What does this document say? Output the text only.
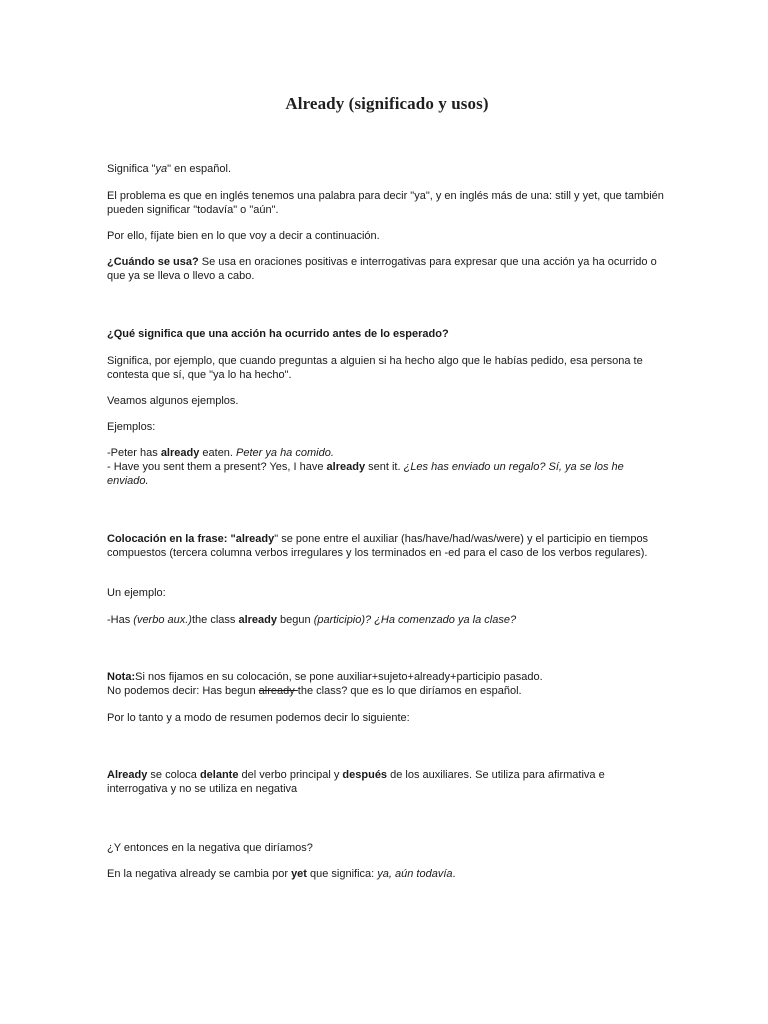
Already (significado y usos)

Significa "ya" en español.

El problema es que en inglés tenemos una palabra para decir "ya", y en inglés más de una: still y yet, que también pueden significar "todavía" o "aún".

Por ello, fíjate bien en lo que voy a decir a continuación.

¿Cuándo se usa? Se usa en oraciones positivas e interrogativas para expresar que una acción ya ha ocurrido o que ya se lleva o llevo a cabo.

¿Qué significa que una acción ha ocurrido antes de lo esperado?

Significa, por ejemplo, que cuando preguntas a alguien si ha hecho algo que le habías pedido, esa persona te contesta que sí, que "ya lo ha hecho".

Veamos algunos ejemplos.

Ejemplos:

-Peter has already eaten. Peter ya ha comido.
- Have you sent them a present? Yes, I have already sent it. ¿Les has enviado un regalo? Sí, ya se los he enviado.

Colocación en la frase: "already" se pone entre el auxiliar (has/have/had/was/were) y el participio en tiempos compuestos (tercera columna verbos irregulares y los terminados en -ed para el caso de los verbos regulares).

Un ejemplo:

-Has (verbo aux.)the class already begun (participio)? ¿Ha comenzado ya la clase?

Nota:Si nos fijamos en su colocación, se pone auxiliar+sujeto+already+participio pasado.
No podemos decir: Has begun already the class? que es lo que diríamos en español.

Por lo tanto y a modo de resumen podemos decir lo siguiente:

Already se coloca delante del verbo principal y después de los auxiliares. Se utiliza para afirmativa e interrogativa y no se utiliza en negativa

¿Y entonces en la negativa que diríamos?

En la negativa already se cambia por yet que significa: ya, aún todavía.
